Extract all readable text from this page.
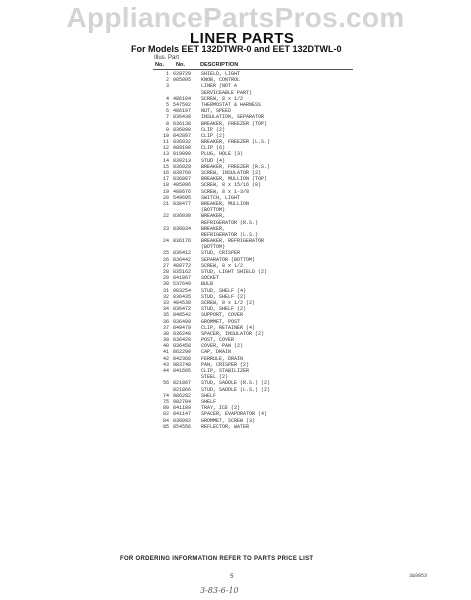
AppliancePartsPros.com
LINER PARTS
For Models EET 132DTWR-0 and EET 132DTWL-0
Illus. Part
No. No.	DESCRIPTION
1 628729	SHIELD, LIGHT
2 985095	KNOB, CONTROL
3	LINER (NOT A
SERVICEABLE PART)
4 486194	SCREW, 8 x 1/2
5 547592	THERMOSTAT & HARNESS
6 486197	NUT, SPEED
7 836438	INSULATION, SEPARATOR
8 836138	BREAKER, FREEZER (TOP)
9 836090	CLIP (2)
10 842897	CLIP (2)
11 836032	BREAKER, FREEZER (L.S.)
12 989198	CLIP (6)
13 819890	PLUG, HOLE (3)
14 839213	STUD (4)
15 836029	BREAKER, FREEZER (R.S.)
16 839760	SCREW, INSULATOR (2)
17 836887	BREAKER, MULLION (TOP)
18 485096	SCREW, 8 x 15/16 (8)
19 488676	SCREW, 8 x 1-3/8
20 549695	SWITCH, LIGHT
21 838477	BREAKER, MULLION
(BOTTOM)
22 836030	BREAKER,
REFRIGERATOR (R.S.)
23 836034	BREAKER,
REFRIGERATOR (L.S.)
24 836176	BREAKER, REFRIGERATOR
(BOTTOM)
25 836412	STUD, CRISPER
26 836442	SEPARATOR (BOTTOM)
27 488772	SCREW, 8 x 1/2
28 835162	STUD, LIGHT SHIELD (2)
29 841867	SOCKET
30 537649	BULB
31 983254	STUD, SHELF (4)
32 836435	STUD, SHELF (2)
33 484530	SCREW, 8 x 1/2 (2)
34 836472	STUD, SHELF (2)
35 848542	SUPPORT, COVER
36 836499	GROMMET, POST
37 849479	CLIP, RETAINER (4)
38 836240	SPACER, INSULATOR (2)
39 836420	POST, COVER
40 836458	COVER, PAN (2)
41 862299	CAP, DRAIN
42 842368	FERRULE, DRAIN
43 983748	PAN, CRISPER (2)
44 841605	CLIP, STABILIZER
STEEL (2)
56 821867	STUD, SADDLE (R.S.) (2)
821866	STUD, SADDLE (L.S.) (2)
74 986282	SHELF
75 982784	SHELF
80 841189	TRAY, ICE (2)
82 841147	SPACER, EVAPORATOR (4)
84 836092	GROMMET, SCREW (3)
85 854556	REFLECTOR, WATER
FOR ORDERING INFORMATION REFER TO PARTS PRICE LIST
5	3&9953
3-83-6-10
